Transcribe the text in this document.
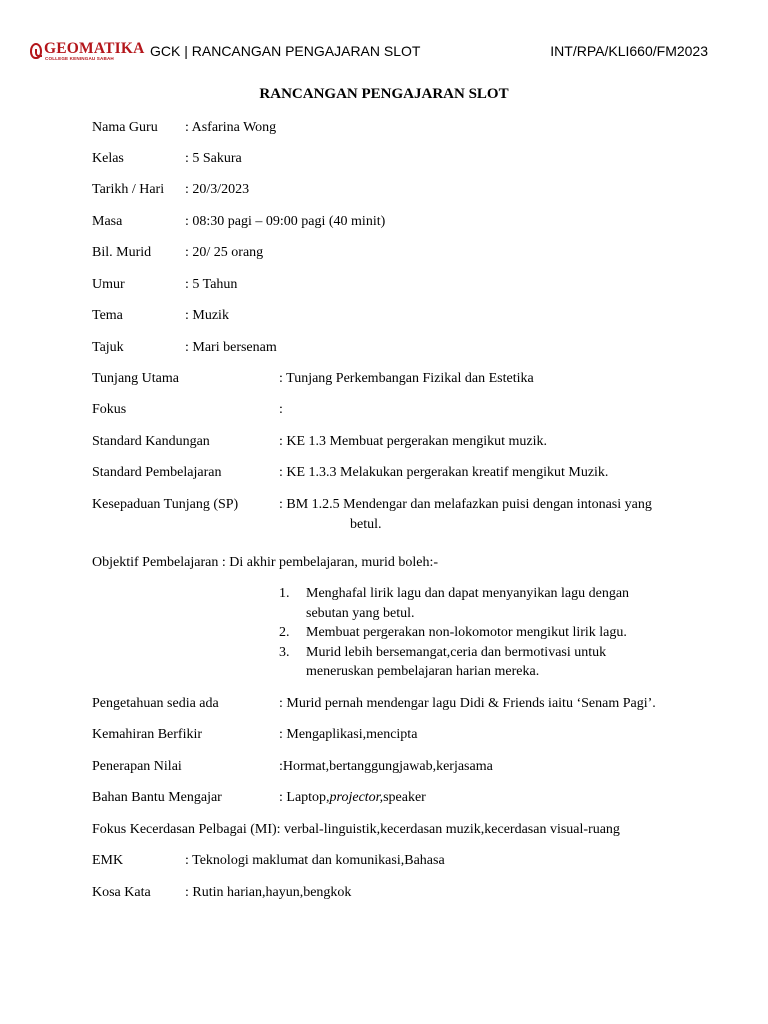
GEOMATIKA
COLLEGE KENINGAU SABAH	GCK | RANCANGAN PENGAJARAN SLOT	INT/RPA/KLI660/FM2023
RANCANGAN PENGAJARAN SLOT
Nama Guru : Asfarina Wong
Kelas	: 5 Sakura
Tarikh / Hari : 20/3/2023
Masa	: 08:30 pagi – 09:00 pagi (40 minit)
Bil. Murid : 20/ 25 orang
Umur	: 5 Tahun
Tema	: Muzik
Tajuk	: Mari bersenam
Tunjang Utama	: Tunjang Perkembangan Fizikal dan Estetika
Fokus	:
Standard Kandungan	: KE 1.3 Membuat pergerakan mengikut muzik.
Standard Pembelajaran	: KE 1.3.3 Melakukan pergerakan kreatif mengikut Muzik.
Kesepaduan Tunjang (SP)	: BM 1.2.5 Mendengar dan melafazkan puisi dengan intonasi yang
betul.
Objektif Pembelajaran : Di akhir pembelajaran, murid boleh:-
1. Menghafal lirik lagu dan dapat menyanyikan lagu dengan
sebutan yang betul.
2. Membuat pergerakan non-lokomotor mengikut lirik lagu.
3. Murid lebih bersemangat,ceria dan bermotivasi untuk
meneruskan pembelajaran harian mereka.
Pengetahuan sedia ada	: Murid pernah mendengar lagu Didi & Friends iaitu ‘Senam Pagi’.
Kemahiran Berfikir	: Mengaplikasi,mencipta
Penerapan Nilai	:Hormat,bertanggungjawab,kerjasama
Bahan Bantu Mengajar	: Laptop,projector,speaker
Fokus Kecerdasan Pelbagai (MI): verbal-linguistik,kecerdasan muzik,kecerdasan visual-ruang
EMK	: Teknologi maklumat dan komunikasi,Bahasa
Kosa Kata : Rutin harian,hayun,bengkok
